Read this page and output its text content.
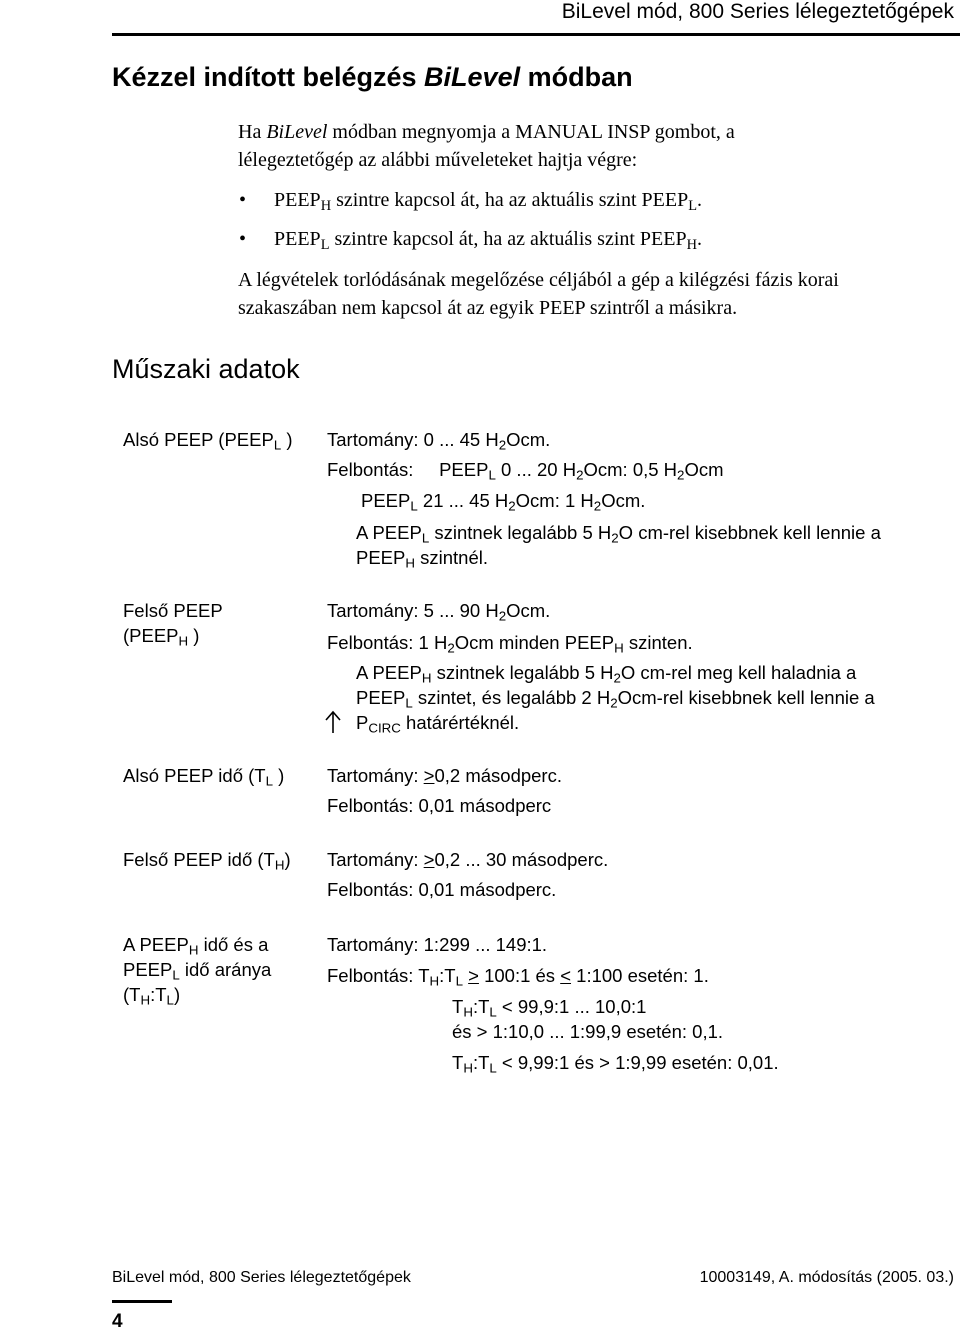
BiLevel mód, 800 Series lélegeztetőgépek
Kézzel indított belégzés BiLevel módban
Ha BiLevel módban megnyomja a MANUAL INSP gombot, a
lélegeztetőgép az alábbi műveleteket hajtja végre:
• $PEEP_H$ szintre kapcsol át, ha az aktuális szint $PEEP_L$.
• $PEEP_L$ szintre kapcsol át, ha az aktuális szint $PEEP_H$.
A légvételek torlódásának megelőzése céljából a gép a kilégzési fázis korai
szakaszában nem kapcsol át az egyik PEEP szintről a másikra.
Műszaki adatok
Alsó PEEP ($PEEP_L$ ) Tartomány: 0 ... 45 $H_2Ocm$.
Felbontás:     $PEEP_L$ 0 ... 20 $H_2Ocm$: 0,5 $H_2Ocm$
$PEEP_L$ 21 ... 45 $H_2Ocm$: 1 $H_2Ocm$.
A $PEEP_L$ szintnek legalább 5 $H_2O$ cm-rel kisebbnek kell lennie a
$PEEP_H$ szintnél.
Felső PEEP
($PEEP_H$ )
Tartomány: 5 ... 90 $H_2Ocm$.
Felbontás: 1 $H_2Ocm$ minden $PEEP_H$ szinten.
A $PEEP_H$ szintnek legalább 5 $H_2O$ cm-rel meg kell haladnia a
$PEEP_L$ szintet, és legalább 2 $H_2Ocm$-rel kisebbnek kell lennie a
$P_{CIRC}$ határértéknél.
Alsó PEEP idő ($T_L$ ) Tartomány: >0,2 másodperc.
Felbontás: 0,01 másodperc
Felső PEEP idő $(T_H)$ Tartomány: >0,2 ... 30 másodperc.
Felbontás: 0,01 másodperc.
A $PEEP_H$ idő és a
$PEEP_L$ idő aránya
$(T_H:T_L)$
Tartomány: 1:299 ... 149:1.
Felbontás: $T_H:T_L$ > 100:1 és < 1:100 esetén: 1.
$T_H:T_L$ < 99,9:1 ... 10,0:1
és > 1:10,0 ... 1:99,9 esetén: 0,1.
$T_H:T_L$ < 9,99:1 és > 1:9,99 esetén: 0,01.
BiLevel mód, 800 Series lélegeztetőgépek	10003149, A. módosítás (2005. 03.)
4
